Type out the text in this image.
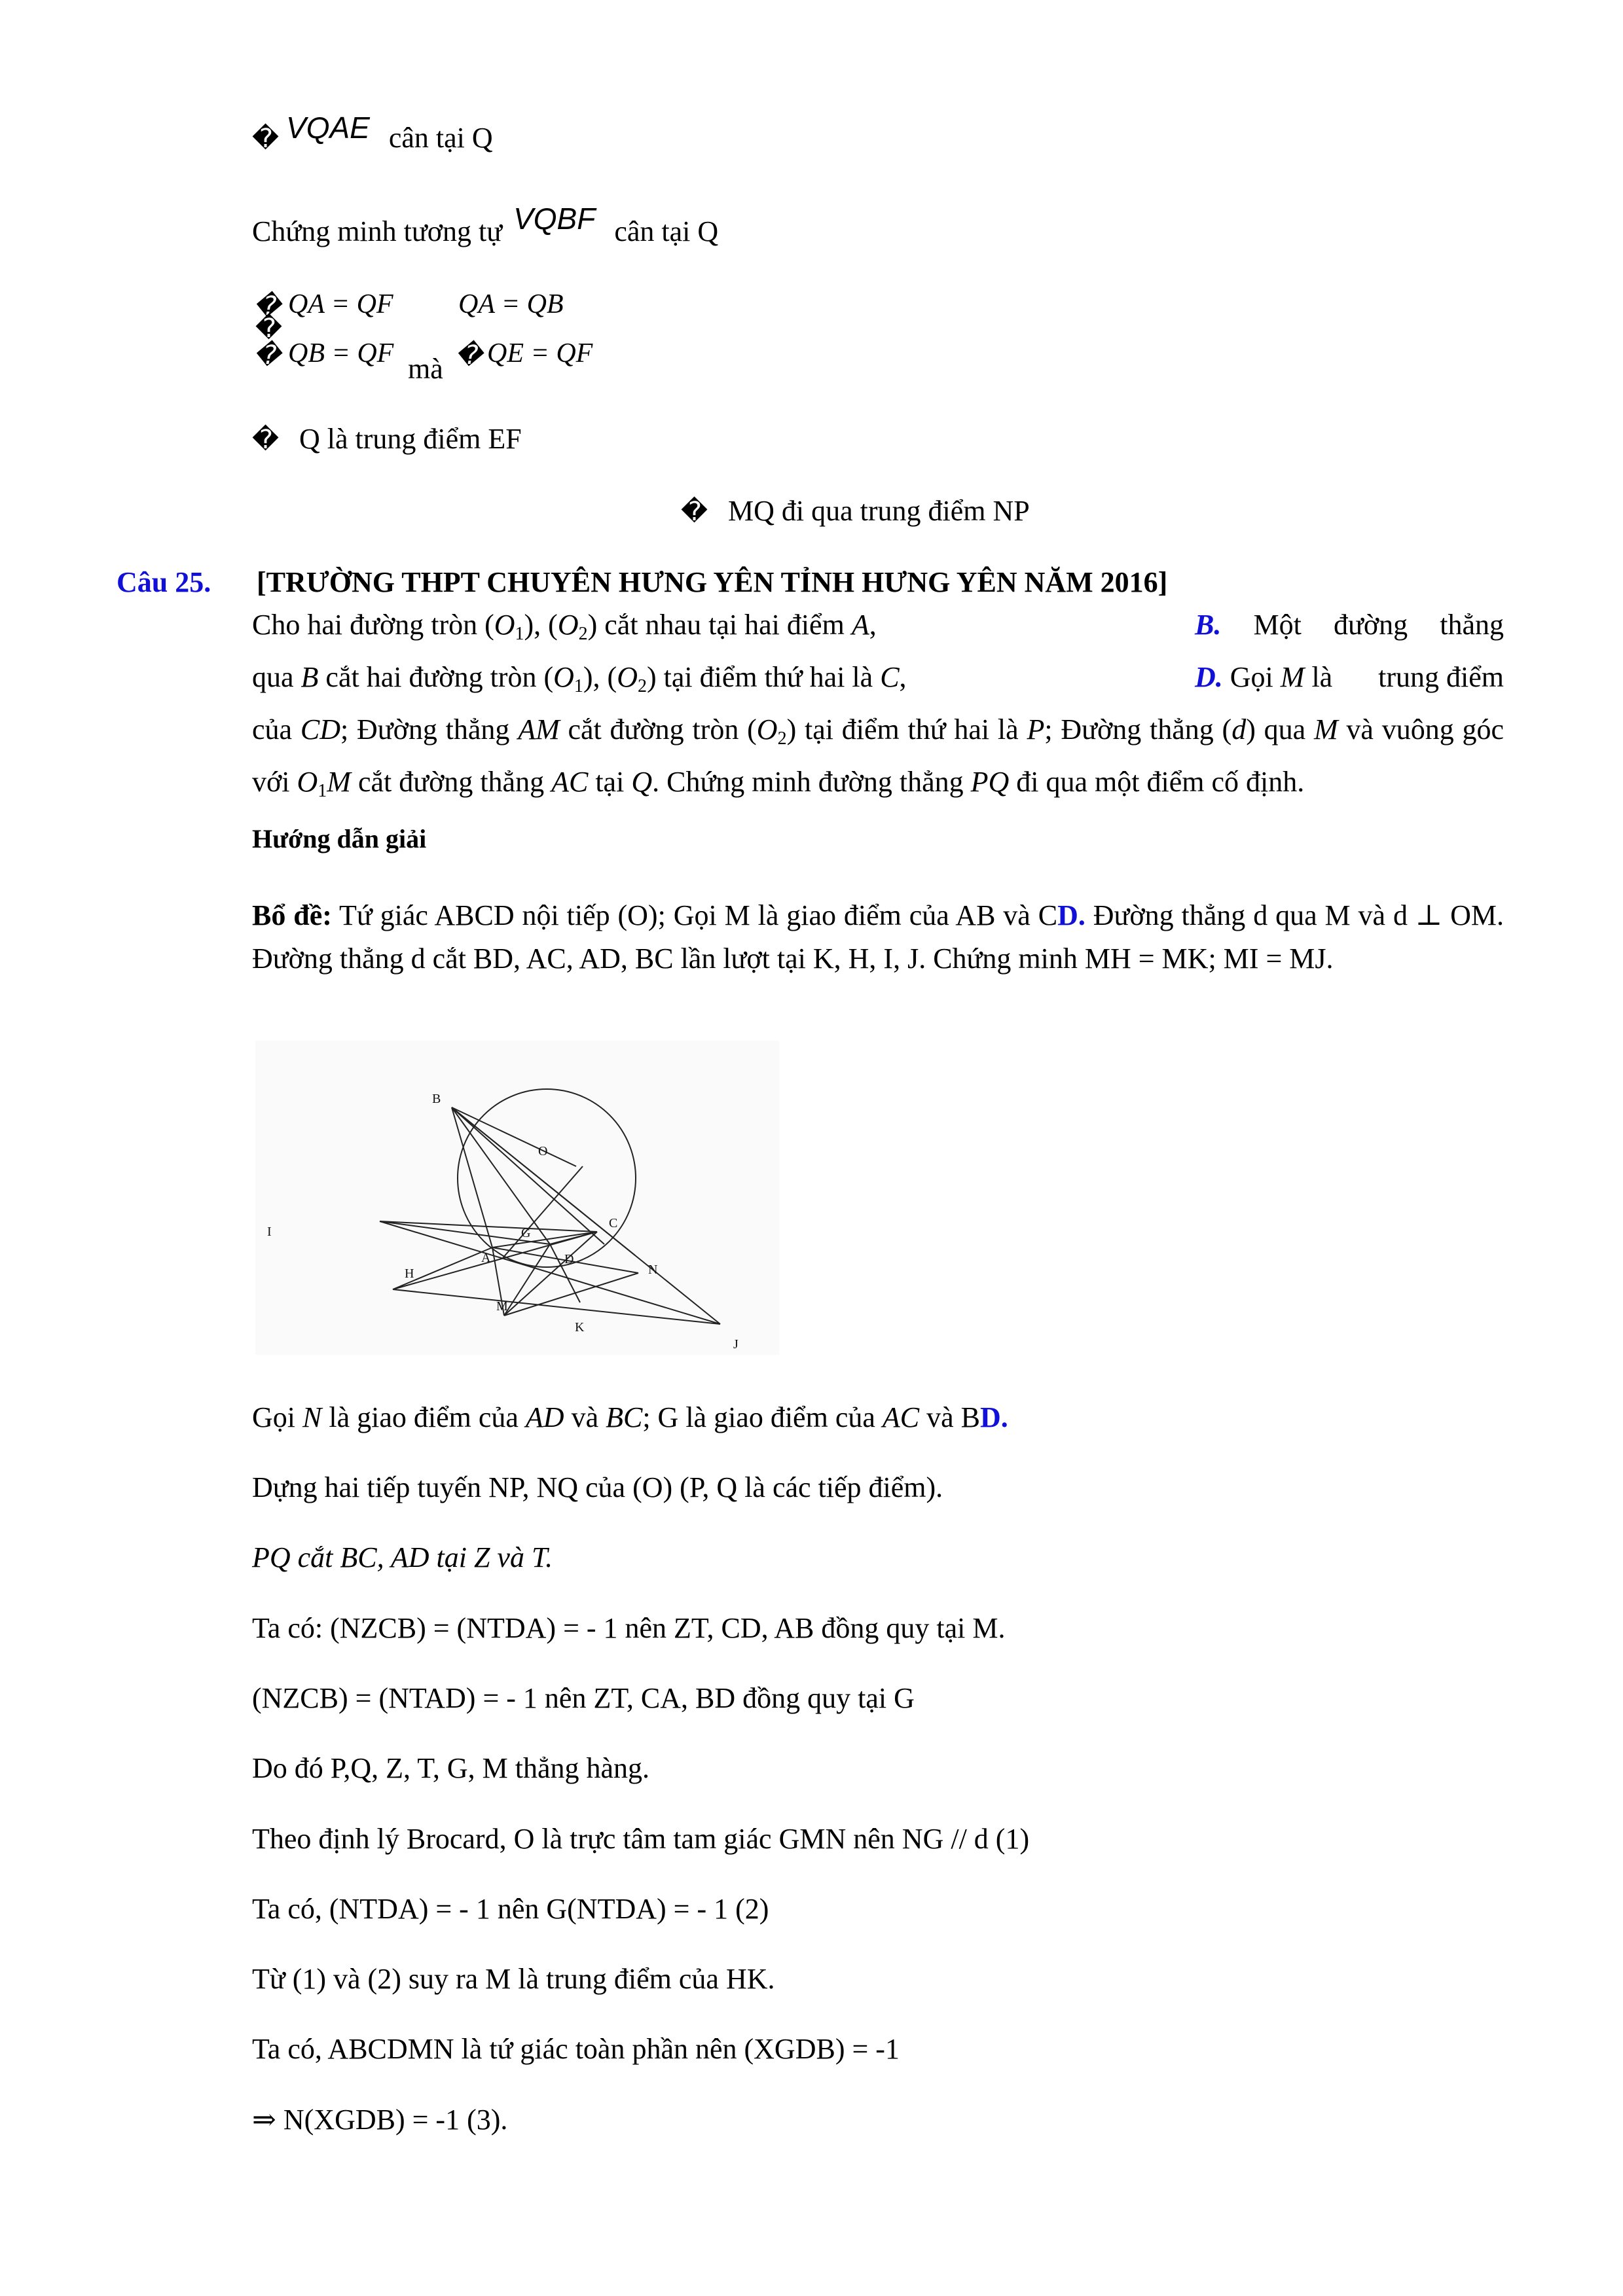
� VQAE cân tại Q
Chứng minh tương tự VQBF cân tại Q
� QA = QF
�
� QB = QF mà
QA = QB
� QE = QF
� Q là trung điểm EF
� MQ đi qua trung điểm NP
Câu 25. [TRƯỜNG THPT CHUYÊN HƯNG YÊN TỈNH HƯNG YÊN NĂM 2016]
Cho hai đường tròn $(O_1)$, $(O_2)$ cắt nhau tại hai điểm A,	B. Một đường thẳng
qua B cắt hai đường tròn $(O_1)$, $(O_2)$ tại điểm thứ hai là C,	D. Gọi M là trung điểm
của CD; Đường thẳng AM cắt đường tròn $(O_2)$ tại điểm thứ hai là P; Đường thẳng (d) qua M và vuông góc với $O_1M$ cắt đường thẳng AC tại Q. Chứng minh đường thẳng PQ đi qua một điểm cố định.
Hướng dẫn giải
Bổ đề: Tứ giác ABCD nội tiếp (O); Gọi M là giao điểm của AB và CD. Đường thẳng d qua M và d ⊥ OM. Đường thẳng d cắt BD, AC, AD, BC lần lượt tại K, H, I, J. Chứng minh MH = MK; MI = MJ.
B
O
I
C
G
A	D
H	N
M
K
J
Gọi N là giao điểm của AD và BC; G là giao điểm của AC và BD.
Dựng hai tiếp tuyến NP, NQ của (O) (P, Q là các tiếp điểm).
PQ cắt BC, AD tại Z và T.
Ta có: (NZCB) = (NTDA) = - 1 nên ZT, CD, AB đồng quy tại M.
(NZCB) = (NTAD) = - 1 nên ZT, CA, BD đồng quy tại G
Do đó P,Q, Z, T, G, M thẳng hàng.
Theo định lý Brocard, O là trực tâm tam giác GMN nên NG // d (1)
Ta có, (NTDA) = - 1 nên G(NTDA) = - 1 (2)
Từ (1) và (2) suy ra M là trung điểm của HK.
Ta có, ABCDMN là tứ giác toàn phần nên (XGDB) = -1
⇒ N(XGDB) = -1 (3).
